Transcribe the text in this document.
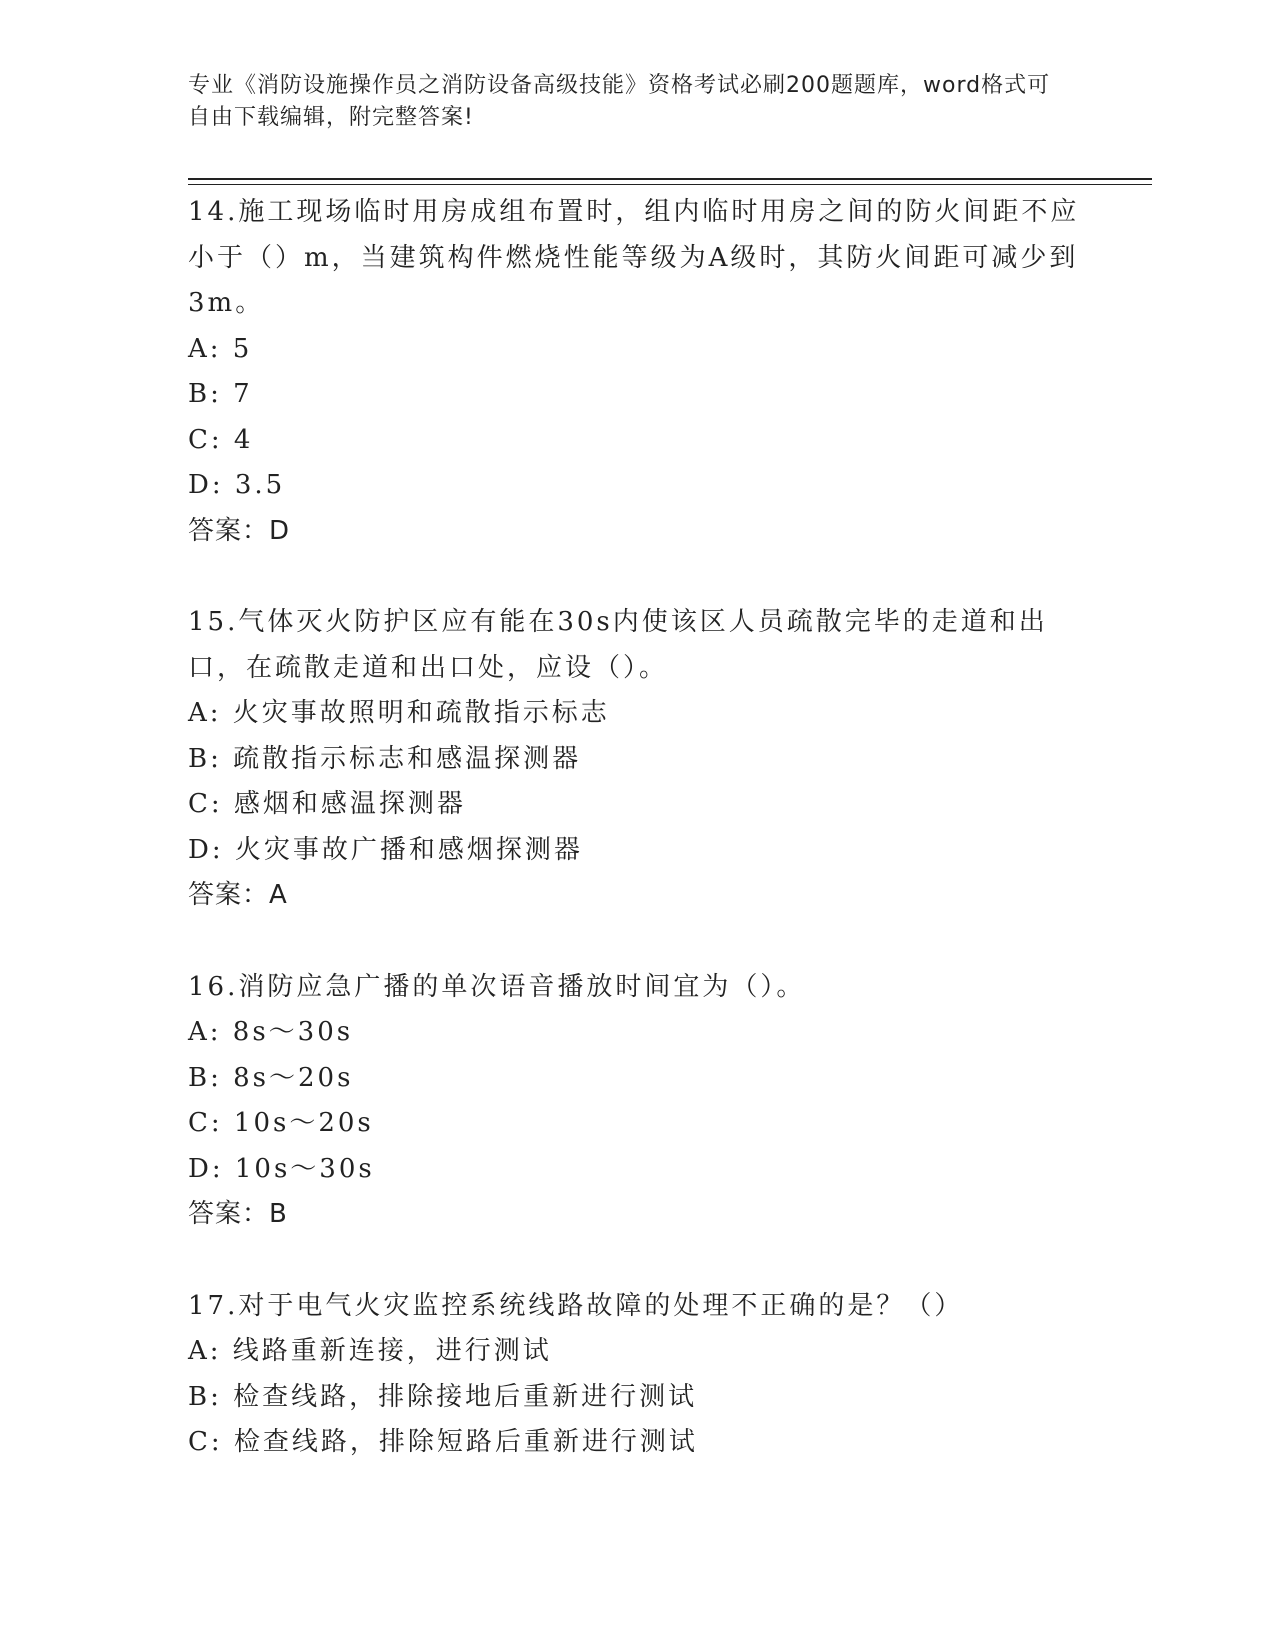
专业《消防设施操作员之消防设备高级技能》资格考试必刷200题题库，word格式可自由下载编辑，附完整答案!

14.施工现场临时用房成组布置时，组内临时用房之间的防火间距不应小于（）m，当建筑构件燃烧性能等级为A级时，其防火间距可减少到3m。

A: 5

B: 7

C: 4

D: 3.5

答案：D

15.气体灭火防护区应有能在30s内使该区人员疏散完毕的走道和出口，在疏散走道和出口处，应设（）。

A: 火灾事故照明和疏散指示标志

B: 疏散指示标志和感温探测器

C: 感烟和感温探测器

D: 火灾事故广播和感烟探测器

答案：A

16.消防应急广播的单次语音播放时间宜为（）。

A: 8s～30s

B: 8s～20s

C: 10s～20s

D: 10s～30s

答案：B

17.对于电气火灾监控系统线路故障的处理不正确的是？（）

A: 线路重新连接，进行测试

B: 检查线路，排除接地后重新进行测试

C: 检查线路，排除短路后重新进行测试
